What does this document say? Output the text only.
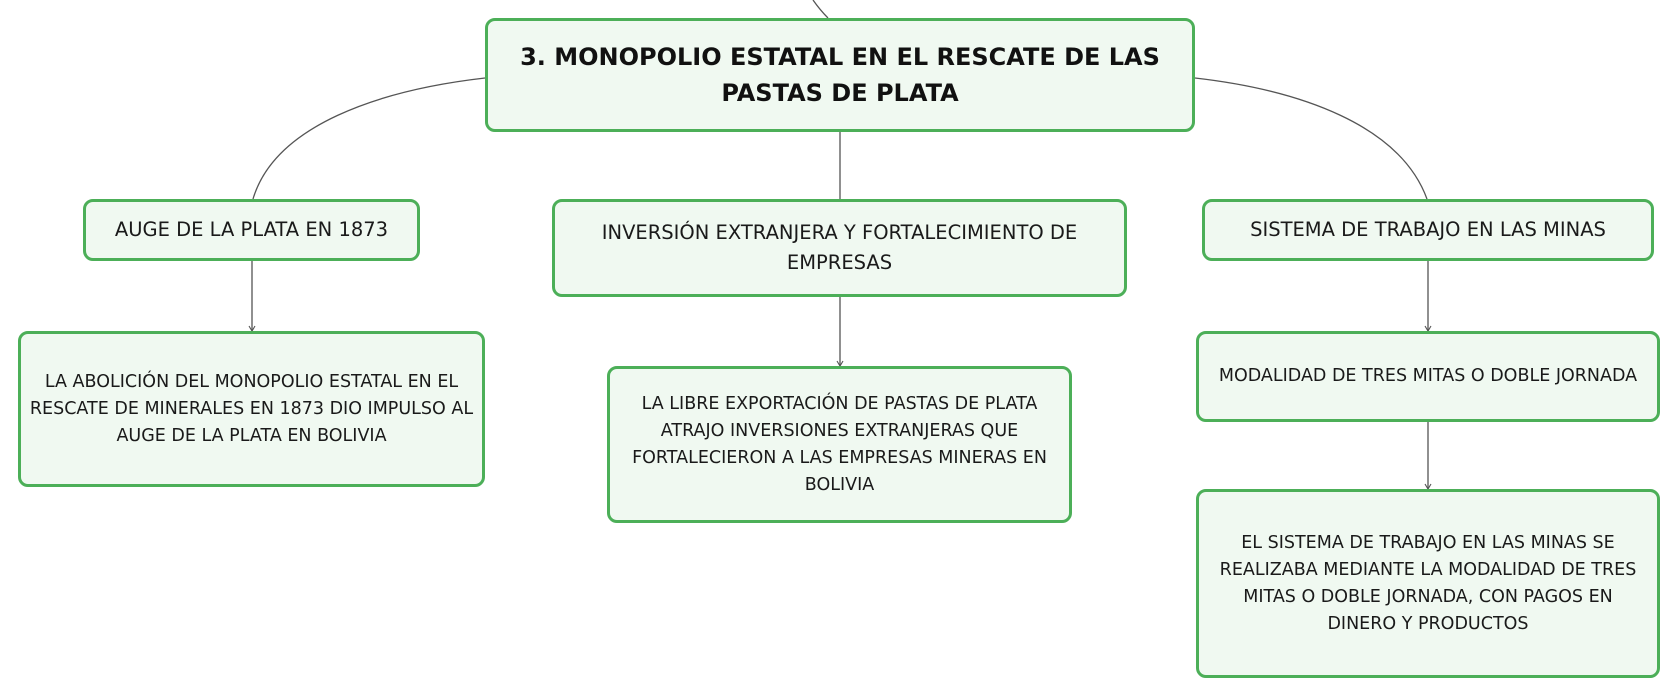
3. MONOPOLIO ESTATAL EN EL RESCATE DE LAS PASTAS DE PLATA
AUGE DE LA PLATA EN 1873	INVERSIÓN EXTRANJERA Y FORTALECIMIENTO DE EMPRESAS
SISTEMA DE TRABAJO EN LAS MINAS
LA ABOLICIÓN DEL MONOPOLIO ESTATAL EN EL RESCATE DE MINERALES EN 1873 DIO IMPULSO AL AUGE DE LA PLATA EN BOLIVIA
LA LIBRE EXPORTACIÓN DE PASTAS DE PLATA ATRAJO INVERSIONES EXTRANJERAS QUE FORTALECIERON A LAS EMPRESAS MINERAS EN BOLIVIA
MODALIDAD DE TRES MITAS O DOBLE JORNADA
EL SISTEMA DE TRABAJO EN LAS MINAS SE REALIZABA MEDIANTE LA MODALIDAD DE TRES MITAS O DOBLE JORNADA, CON PAGOS EN DINERO Y PRODUCTOS
